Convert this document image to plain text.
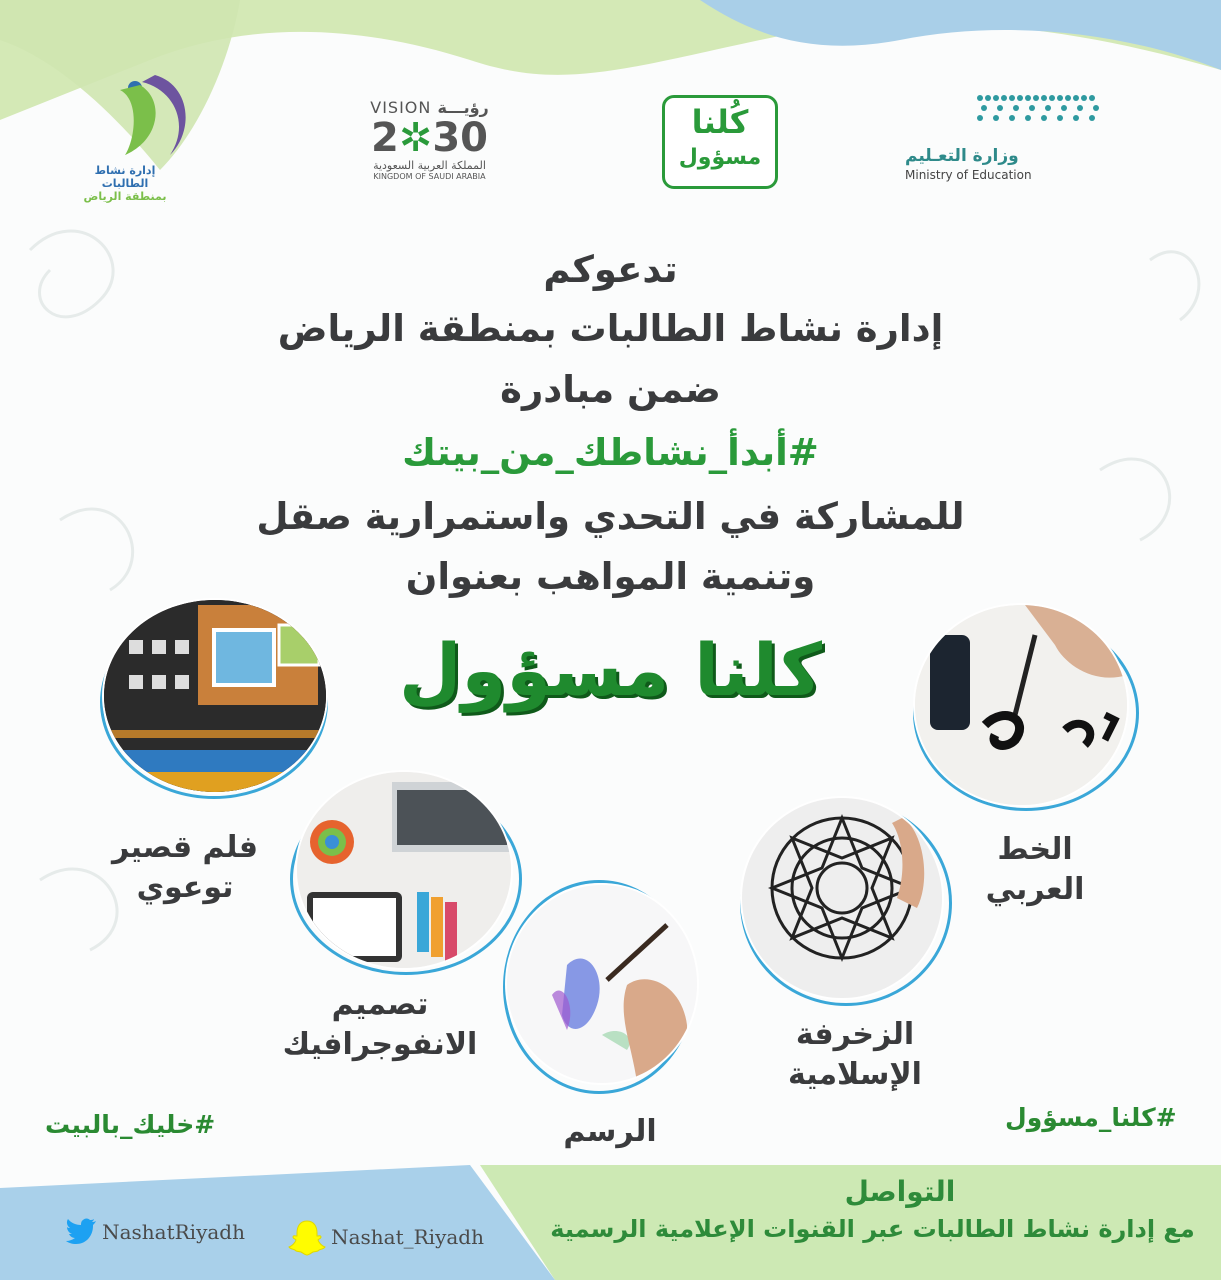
إدارة نشاط الطالبات
بمنطقة الرياض
VISION رؤيـــة
2✲30
المملكة العربية السعودية
KINGDOM OF SAUDI ARABIA
كُلنا
مسؤول	وزارة التعـليم
Ministry of Education
تدعوكم
إدارة نشاط الطالبات بمنطقة الرياض
ضمن مبادرة
#أبدأ_نشاطك_من_بيتك
للمشاركة في التحدي واستمرارية صقل
وتنمية المواهب بعنوان
كلنا مسؤول
فلم قصير
توعوي
تصميم
الانفوجرافيك
الرسم
الزخرفة
الإسلامية
الخط
العربي
#خليك_بالبيت	#كلنا_مسؤول
التواصل
مع إدارة نشاط الطالبات عبر القنوات الإعلامية الرسمية
NashatRiyadh	Nashat_Riyadh
